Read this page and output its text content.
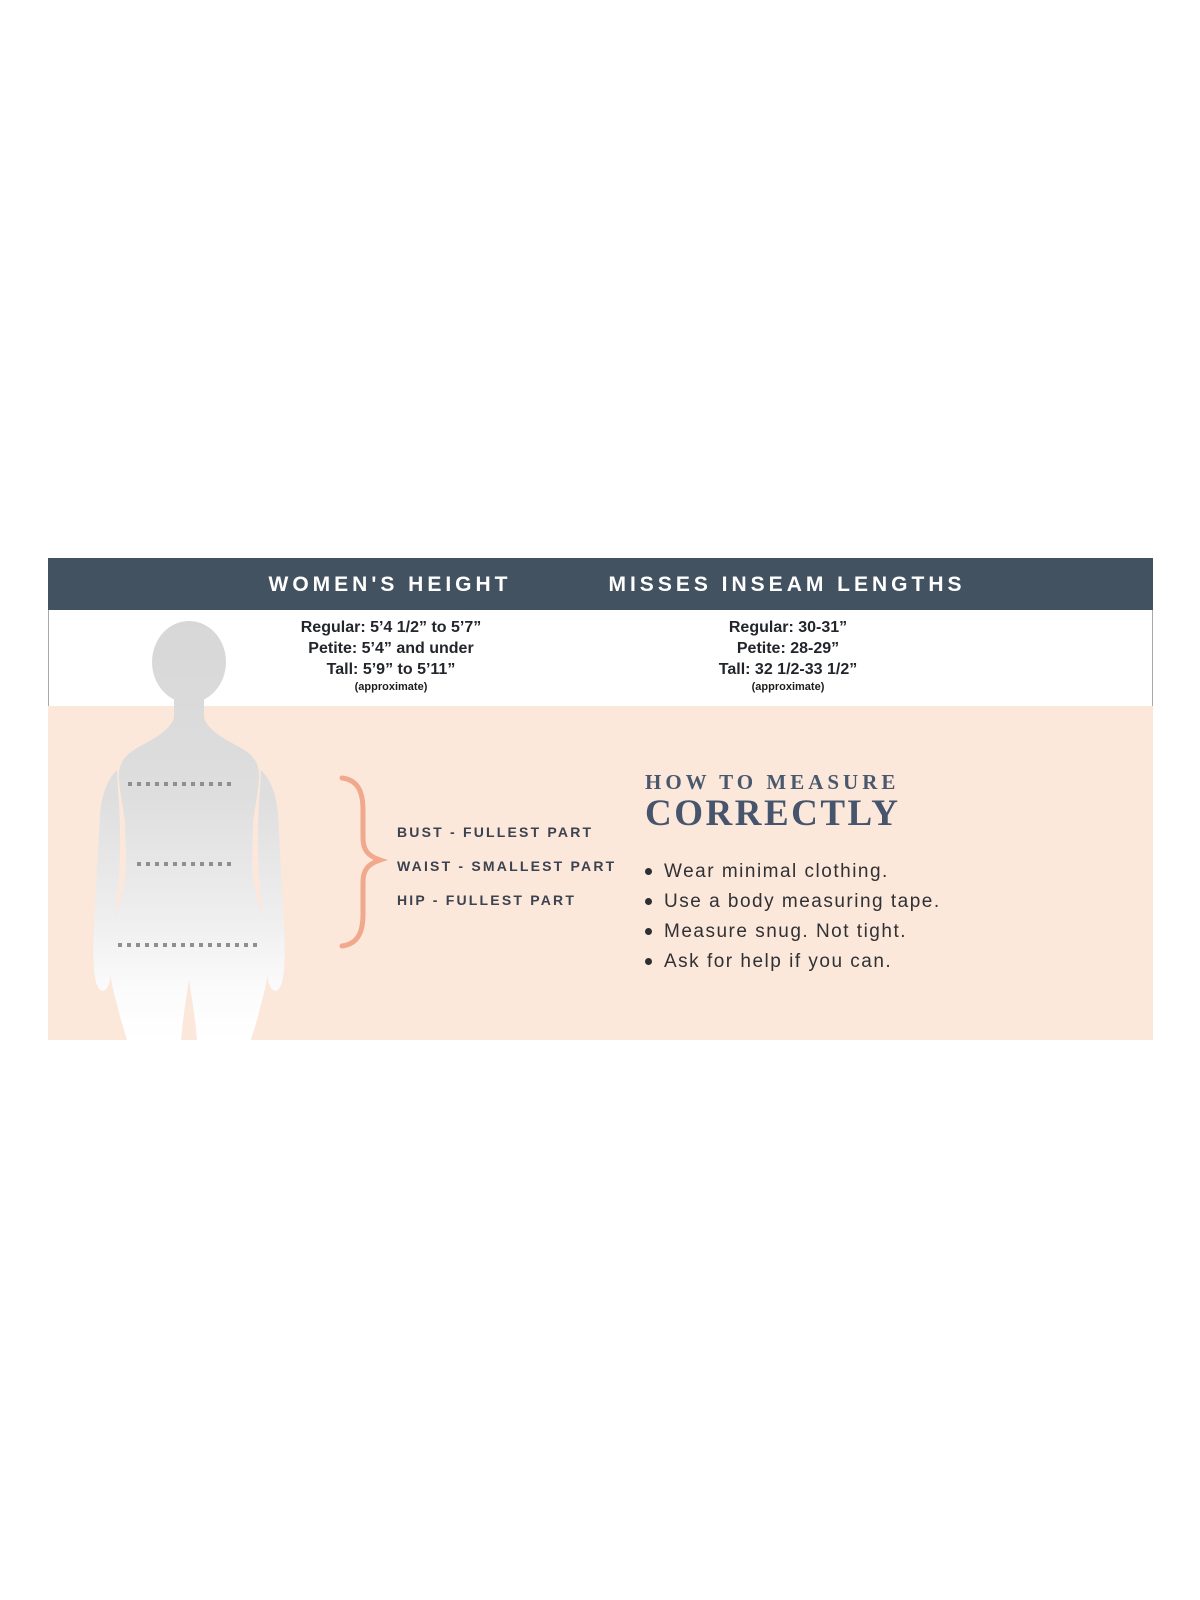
WOMEN'S HEIGHT	MISSES INSEAM LENGTHS
Regular: 5’4 1/2” to 5’7”
Petite: 5’4” and under
Tall: 5’9” to 5’11”
(approximate)
Regular: 30-31”
Petite: 28-29”
Tall: 32 1/2-33 1/2”
(approximate)
BUST - FULLEST PART
WAIST - SMALLEST PART
HIP - FULLEST PART
HOW TO MEASURE
CORRECTLY
Wear minimal clothing.
Use a body measuring tape.
Measure snug. Not tight.
Ask for help if you can.
